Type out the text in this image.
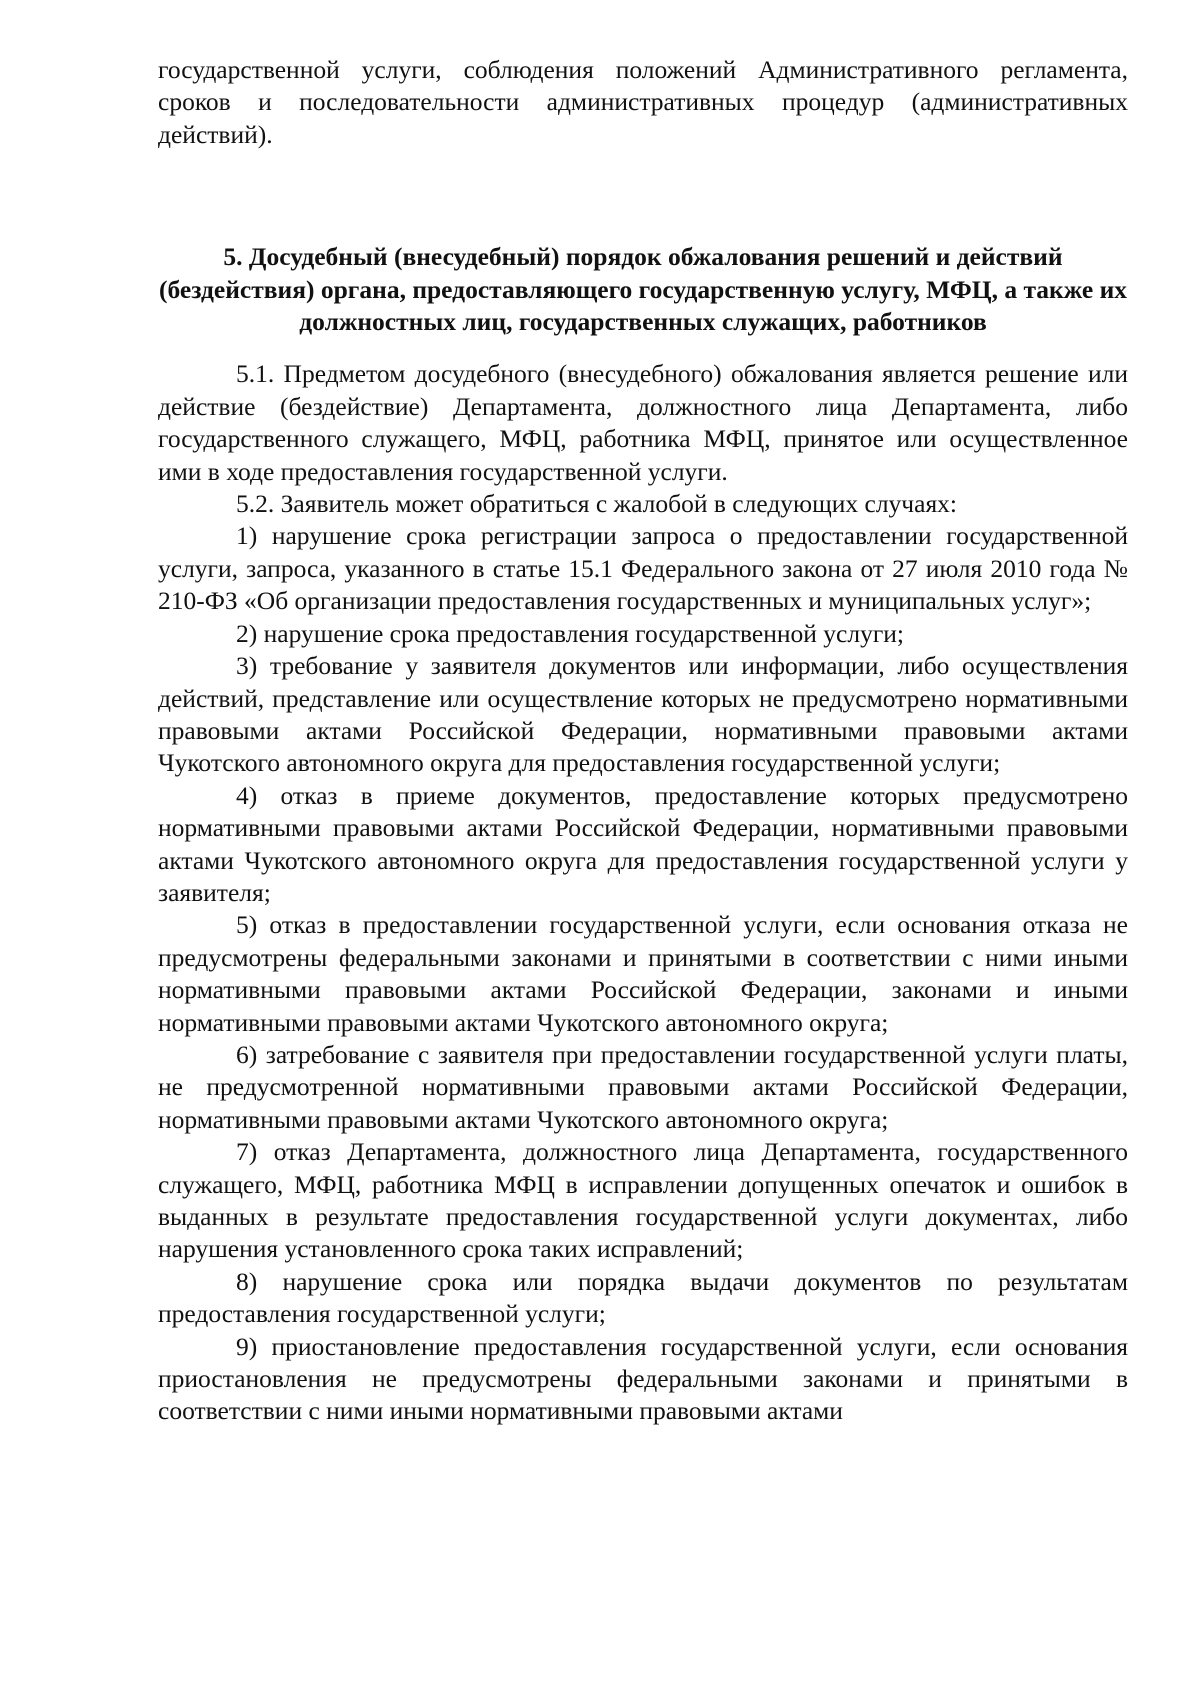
государственной услуги, соблюдения положений Административного регламента, сроков и последовательности административных процедур (административных действий).

5. Досудебный (внесудебный) порядок обжалования решений и действий (бездействия) органа, предоставляющего государственную услугу, МФЦ, а также их должностных лиц, государственных служащих, работников

5.1. Предметом досудебного (внесудебного) обжалования является решение или действие (бездействие) Департамента, должностного лица Департамента, либо государственного служащего, МФЦ, работника МФЦ, принятое или осуществленное ими в ходе предоставления государственной услуги.

5.2. Заявитель может обратиться с жалобой в следующих случаях:

1) нарушение срока регистрации запроса о предоставлении государственной услуги, запроса, указанного в статье 15.1 Федерального закона от 27 июля 2010 года № 210-ФЗ «Об организации предоставления государственных и муниципальных услуг»;

2) нарушение срока предоставления государственной услуги;

3) требование у заявителя документов или информации, либо осуществления действий, представление или осуществление которых не предусмотрено нормативными правовыми актами Российской Федерации, нормативными правовыми актами Чукотского автономного округа для предоставления государственной услуги;

4) отказ в приеме документов, предоставление которых предусмотрено нормативными правовыми актами Российской Федерации, нормативными правовыми актами Чукотского автономного округа для предоставления государственной услуги у заявителя;

5) отказ в предоставлении государственной услуги, если основания отказа не предусмотрены федеральными законами и принятыми в соответствии с ними иными нормативными правовыми актами Российской Федерации, законами и иными нормативными правовыми актами Чукотского автономного округа;

6) затребование с заявителя при предоставлении государственной услуги платы, не предусмотренной нормативными правовыми актами Российской Федерации, нормативными правовыми актами Чукотского автономного округа;

7) отказ Департамента, должностного лица Департамента, государственного служащего, МФЦ, работника МФЦ в исправлении допущенных опечаток и ошибок в выданных в результате предоставления государственной услуги документах, либо нарушения установленного срока таких исправлений;

8) нарушение срока или порядка выдачи документов по результатам предоставления государственной услуги;

9) приостановление предоставления государственной услуги, если основания приостановления не предусмотрены федеральными законами и принятыми в соответствии с ними иными нормативными правовыми актами
